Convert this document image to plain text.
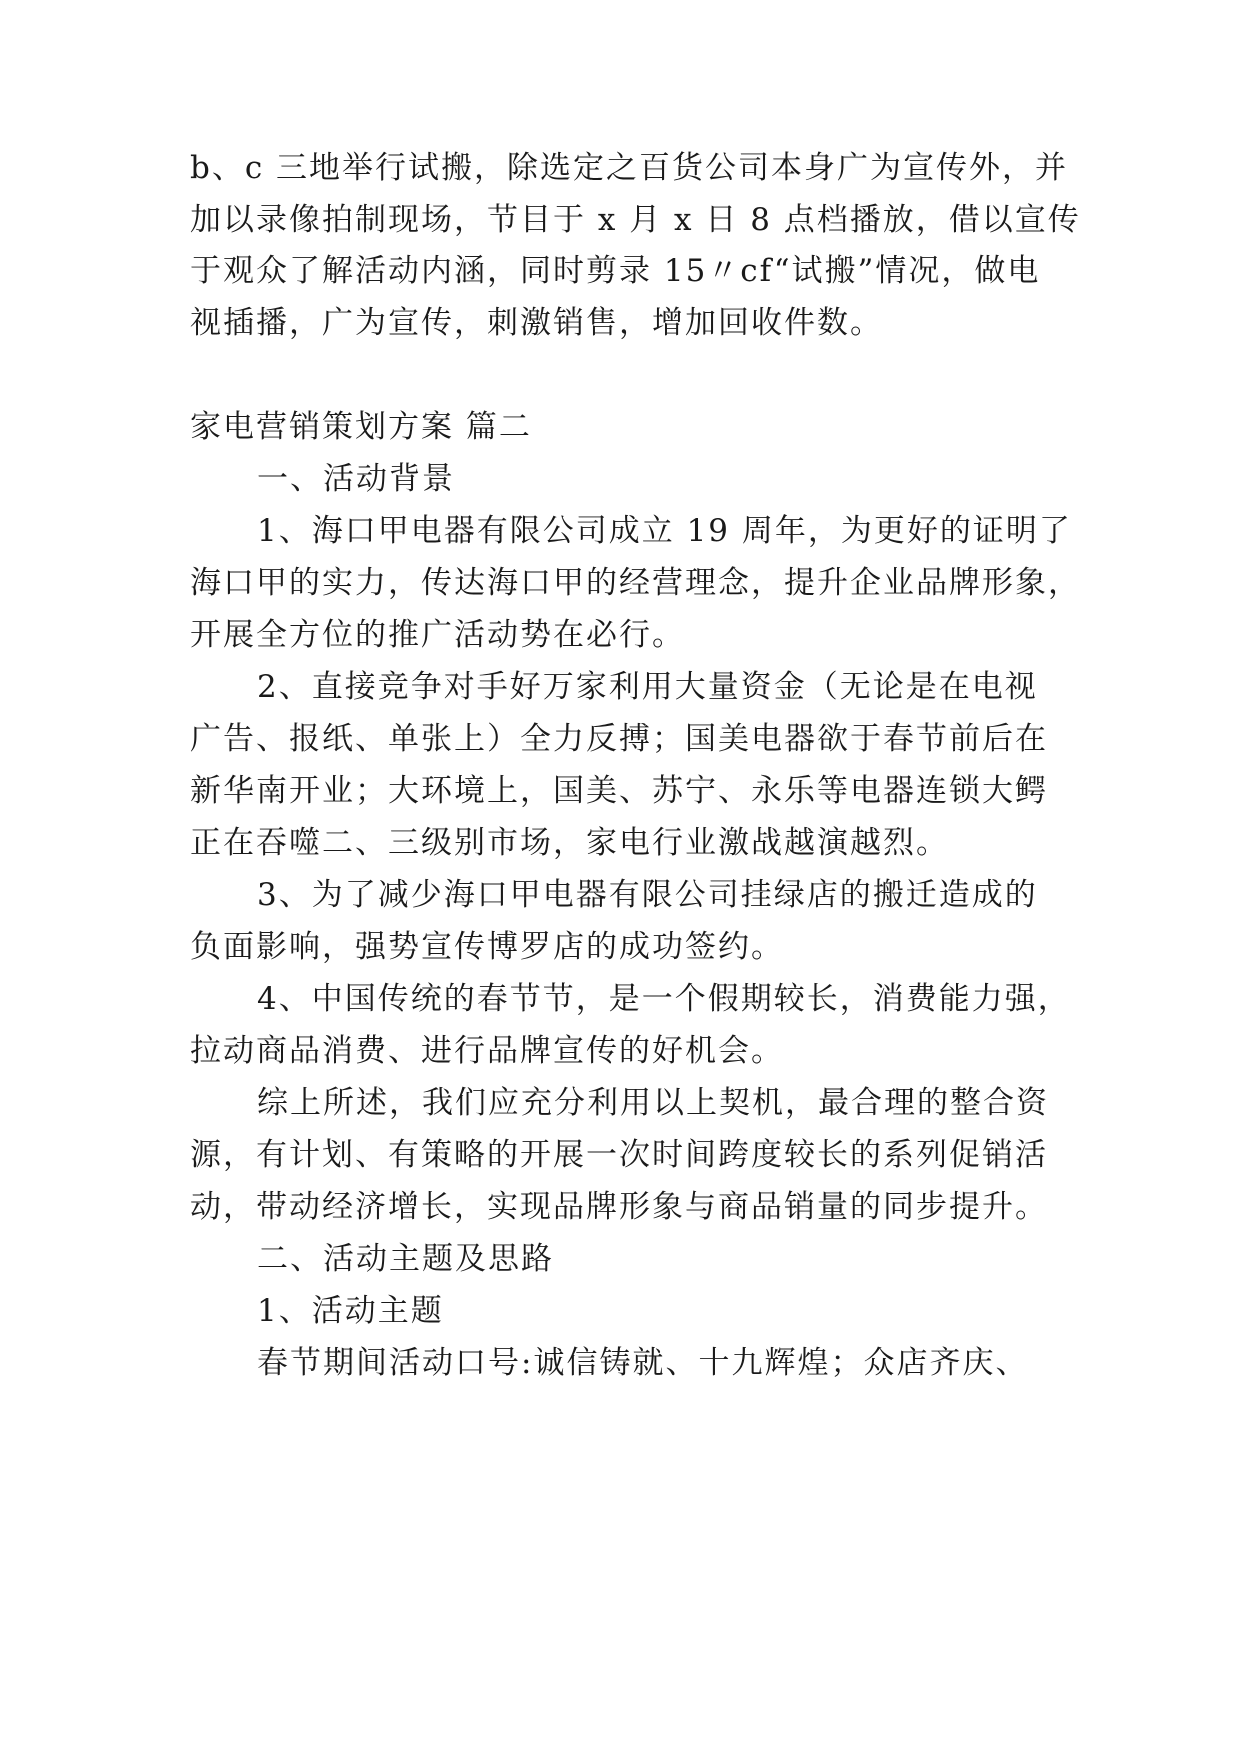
b、c 三地举行试搬，除选定之百货公司本身广为宣传外，并
加以录像拍制现场，节目于 x 月 x 日 8 点档播放，借以宣传
于观众了解活动内涵，同时剪录 15〃cf“试搬”情况，做电
视插播，广为宣传，刺激销售，增加回收件数。
家电营销策划方案 篇二
一、活动背景
1、海口甲电器有限公司成立 19 周年，为更好的证明了
海口甲的实力，传达海口甲的经营理念，提升企业品牌形象，
开展全方位的推广活动势在必行。
2、直接竞争对手好万家利用大量资金（无论是在电视
广告、报纸、单张上）全力反搏；国美电器欲于春节前后在
新华南开业；大环境上，国美、苏宁、永乐等电器连锁大鳄
正在吞噬二、三级别市场，家电行业激战越演越烈。
3、为了减少海口甲电器有限公司挂绿店的搬迁造成的
负面影响，强势宣传博罗店的成功签约。
4、中国传统的春节节，是一个假期较长，消费能力强，
拉动商品消费、进行品牌宣传的好机会。
综上所述，我们应充分利用以上契机，最合理的整合资
源，有计划、有策略的开展一次时间跨度较长的系列促销活
动，带动经济增长，实现品牌形象与商品销量的同步提升。
二、活动主题及思路
1、活动主题
春节期间活动口号:诚信铸就、十九辉煌；众店齐庆、
